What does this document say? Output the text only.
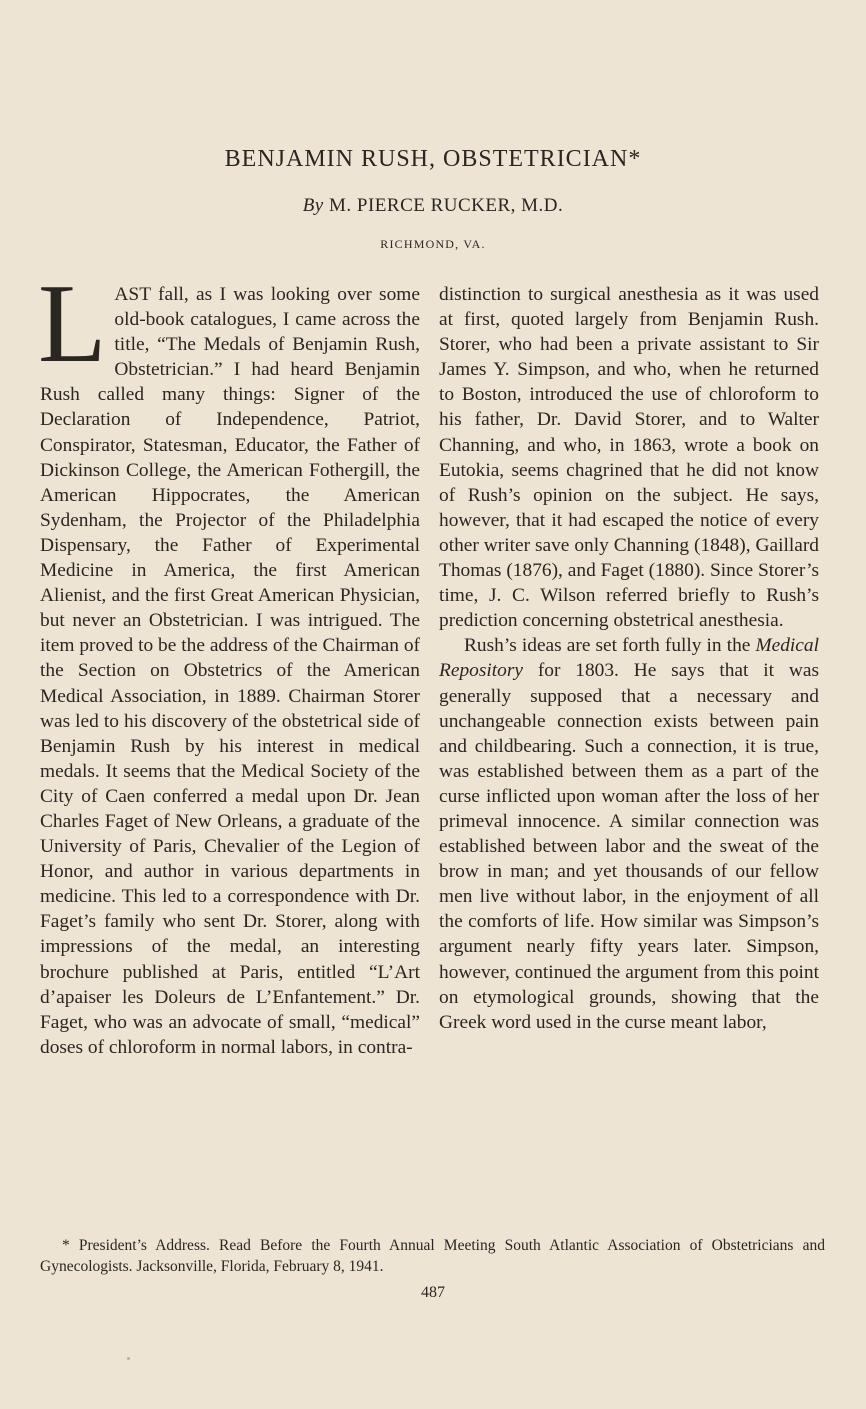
BENJAMIN RUSH, OBSTETRICIAN*
By M. PIERCE RUCKER, M.D.
RICHMOND, VA.

LAST fall, as I was looking over some old-book catalogues, I came across the title, “The Medals of Benjamin Rush, Obstetrician.” I had heard Benjamin Rush called many things: Signer of the Declaration of Independence, Patriot, Conspirator, Statesman, Educator, the Father of Dickinson College, the American Fothergill, the American Hippocrates, the American Sydenham, the Projector of the Philadelphia Dispensary, the Father of Experimental Medicine in America, the first American Alienist, and the first Great American Physician, but never an Obstetrician. I was intrigued. The item proved to be the address of the Chairman of the Section on Obstetrics of the American Medical Association, in 1889. Chairman Storer was led to his discovery of the obstetrical side of Benjamin Rush by his interest in medical medals. It seems that the Medical Society of the City of Caen conferred a medal upon Dr. Jean Charles Faget of New Orleans, a graduate of the University of Paris, Chevalier of the Legion of Honor, and author in various departments in medicine. This led to a correspondence with Dr. Faget’s family who sent Dr. Storer, along with impressions of the medal, an interesting brochure published at Paris, entitled “L’Art d’apaiser les Doleurs de L’Enfantement.” Dr. Faget, who was an advocate of small, “medical” doses of chloroform in normal labors, in contra-

distinction to surgical anesthesia as it was used at first, quoted largely from Benjamin Rush. Storer, who had been a private assistant to Sir James Y. Simpson, and who, when he returned to Boston, introduced the use of chloroform to his father, Dr. David Storer, and to Walter Channing, and who, in 1863, wrote a book on Eutokia, seems chagrined that he did not know of Rush’s opinion on the subject. He says, however, that it had escaped the notice of every other writer save only Channing (1848), Gaillard Thomas (1876), and Faget (1880). Since Storer’s time, J. C. Wilson referred briefly to Rush’s prediction concerning obstetrical anesthesia.

Rush’s ideas are set forth fully in the Medical Repository for 1803. He says that it was generally supposed that a necessary and unchangeable connection exists between pain and childbearing. Such a connection, it is true, was established between them as a part of the curse inflicted upon woman after the loss of her primeval innocence. A similar connection was established between labor and the sweat of the brow in man; and yet thousands of our fellow men live without labor, in the enjoyment of all the comforts of life. How similar was Simpson’s argument nearly fifty years later. Simpson, however, continued the argument from this point on etymological grounds, showing that the Greek word used in the curse meant labor,

* President’s Address. Read Before the Fourth Annual Meeting South Atlantic Association of Obstetricians and Gynecologists. Jacksonville, Florida, February 8, 1941.
487
